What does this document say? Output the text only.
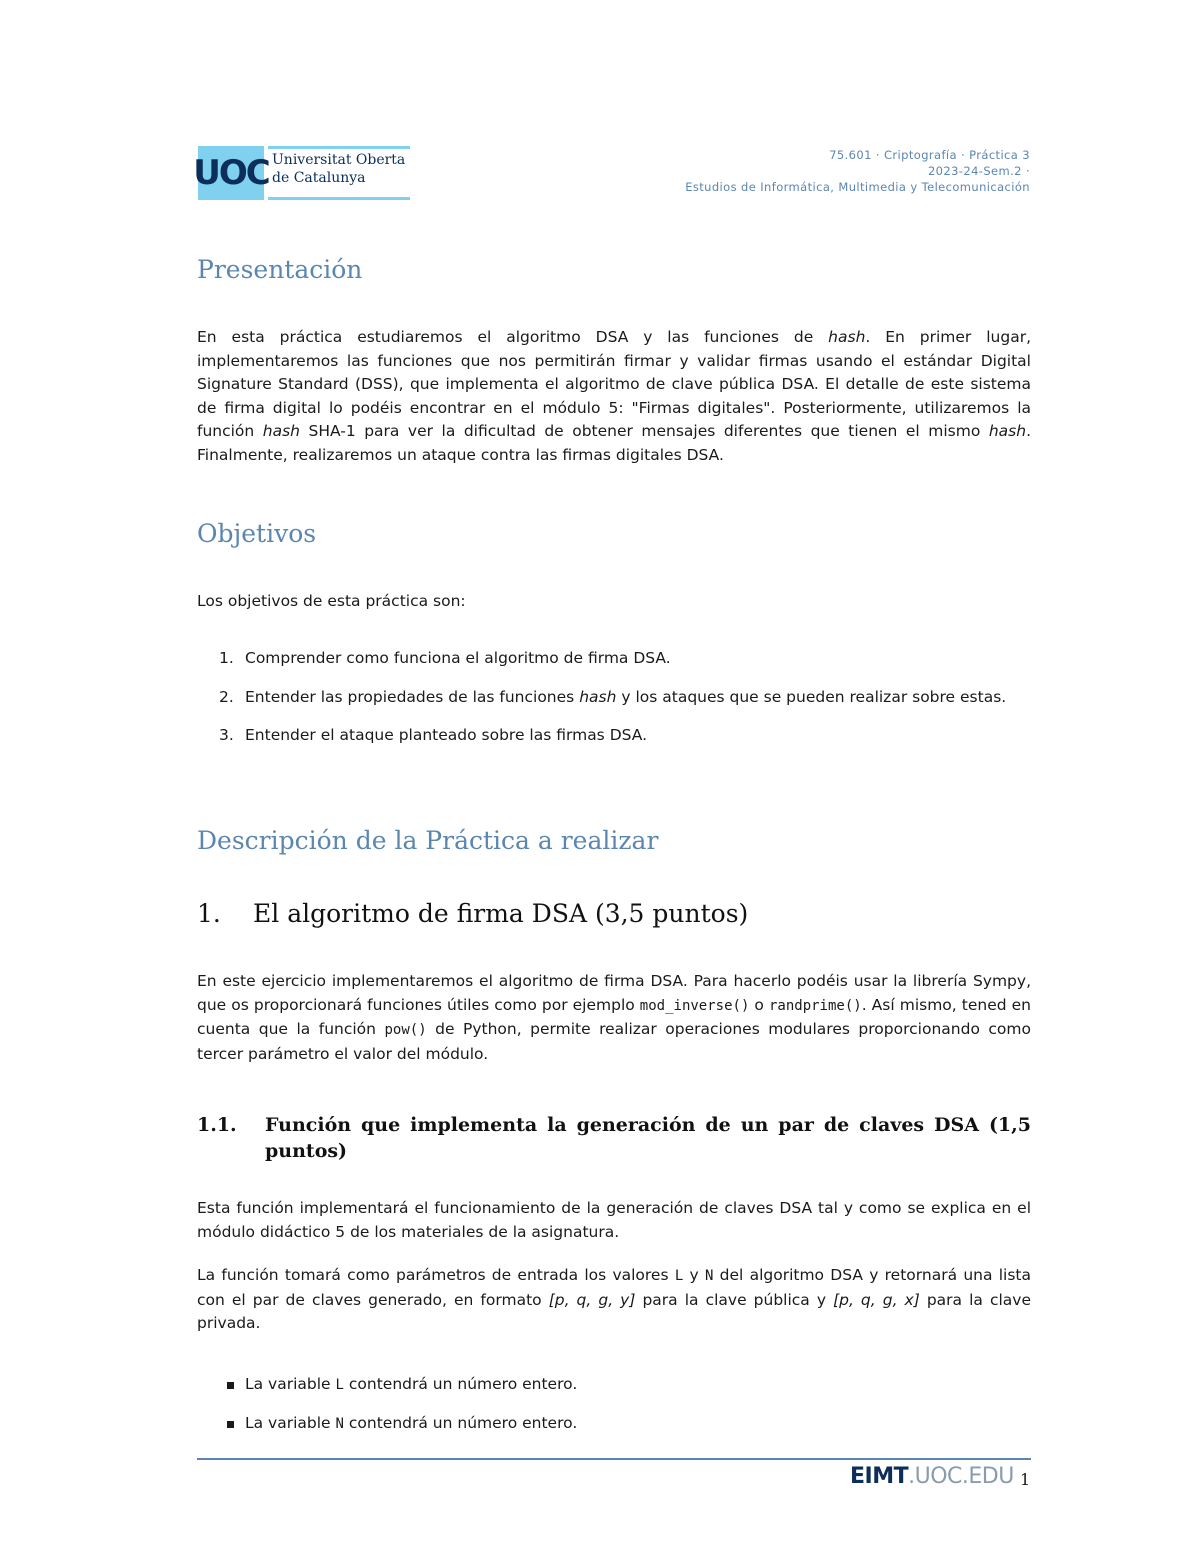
UOC Universitat Oberta
de Catalunya
75.601 · Criptografía · Práctica 3
2023-24-Sem.2 ·
Estudios de Informática, Multimedia y Telecomunicación
Presentación

En esta práctica estudiaremos el algoritmo DSA y las funciones de hash. En primer lugar, implementaremos las funciones que nos permitirán firmar y validar firmas usando el estándar Digital Signature Standard (DSS), que implementa el algoritmo de clave pública DSA. El detalle de este sistema de firma digital lo podéis encontrar en el módulo 5: "Firmas digitales". Posteriormente, utilizaremos la función hash SHA-1 para ver la dificultad de obtener mensajes diferentes que tienen el mismo hash. Finalmente, realizaremos un ataque contra las firmas digitales DSA.

Objetivos

Los objetivos de esta práctica son:

1. Comprender como funciona el algoritmo de firma DSA.
2. Entender las propiedades de las funciones hash y los ataques que se pueden realizar sobre estas.
3. Entender el ataque planteado sobre las firmas DSA.
Descripción de la Práctica a realizar
1. El algoritmo de firma DSA (3,5 puntos)

En este ejercicio implementaremos el algoritmo de firma DSA. Para hacerlo podéis usar la librería Sympy, que os proporcionará funciones útiles como por ejemplo mod_inverse() o randprime(). Así mismo, tened en cuenta que la función pow() de Python, permite realizar operaciones modulares proporcionando como tercer parámetro el valor del módulo.

1.1. Función que implementa la generación de un par de claves DSA (1,5 puntos)

Esta función implementará el funcionamiento de la generación de claves DSA tal y como se explica en el módulo didáctico 5 de los materiales de la asignatura.

La función tomará como parámetros de entrada los valores L y N del algoritmo DSA y retornará una lista con el par de claves generado, en formato [p, q, g, y] para la clave pública y [p, q, g, x] para la clave privada.

La variable L contendrá un número entero.
La variable N contendrá un número entero.
EIMT.UOC.EDU 1
